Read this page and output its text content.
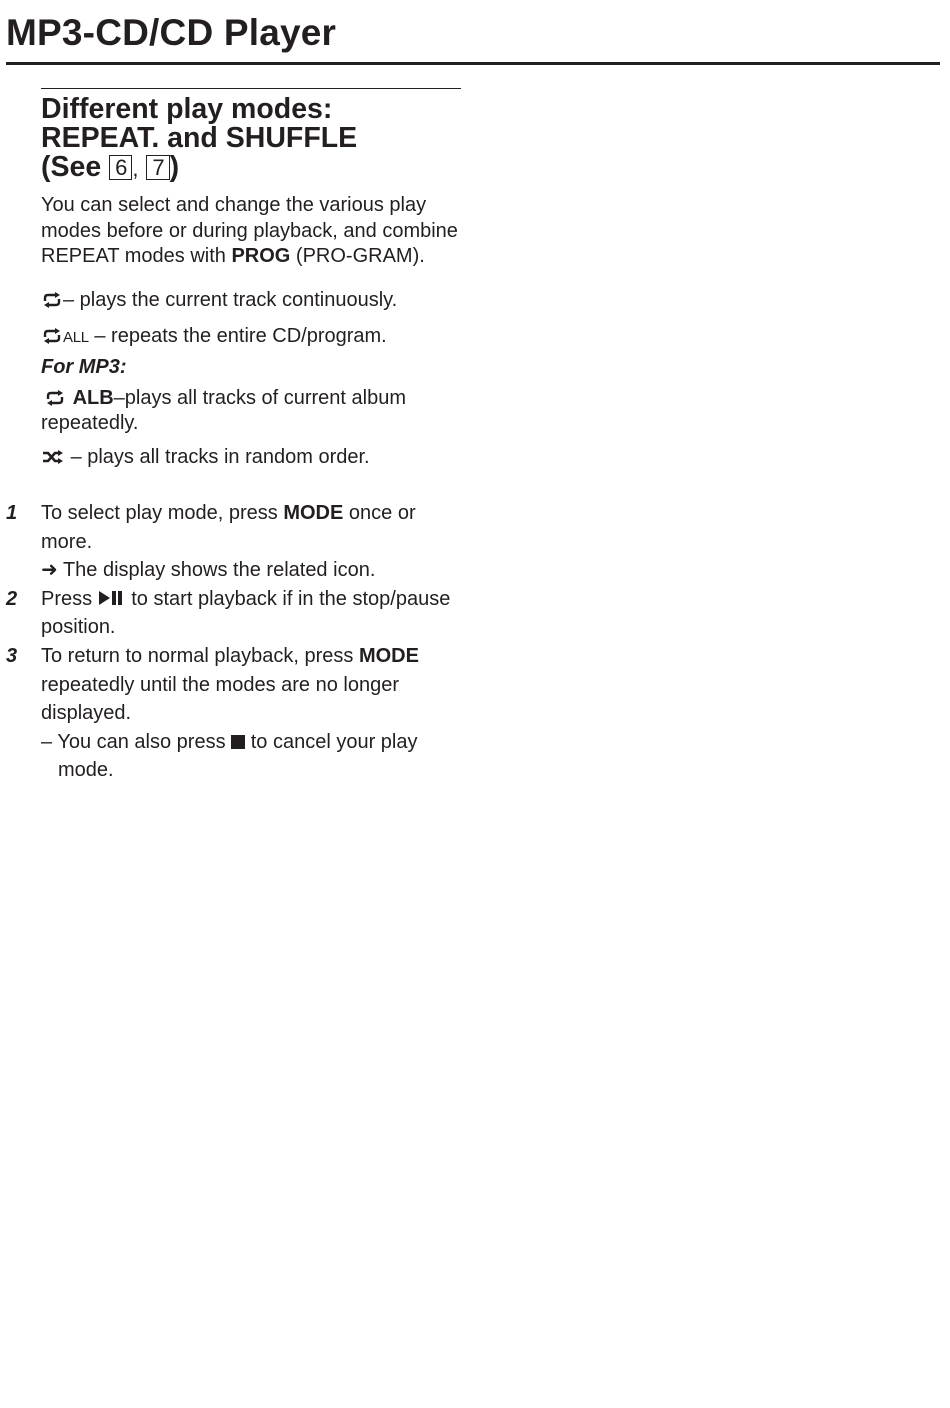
MP3-CD/CD Player
Different play modes:
REPEAT. and SHUFFLE
(See 6 , 7 )

You can select and change the various play modes before or during playback, and combine REPEAT modes with PROG (PRO-GRAM).

– plays the current track continuously.

ALL – repeats the entire CD/program.

For MP3:

ALB–plays all tracks of current album repeatedly.

– plays all tracks in random order.

1 To select play mode, press MODE once or more.
➜ The display shows the related icon.
2 Press to start playback if in the stop/pause position.
3 To return to normal playback, press MODE repeatedly until the modes are no longer displayed.
– You can also press to cancel your play
mode.
